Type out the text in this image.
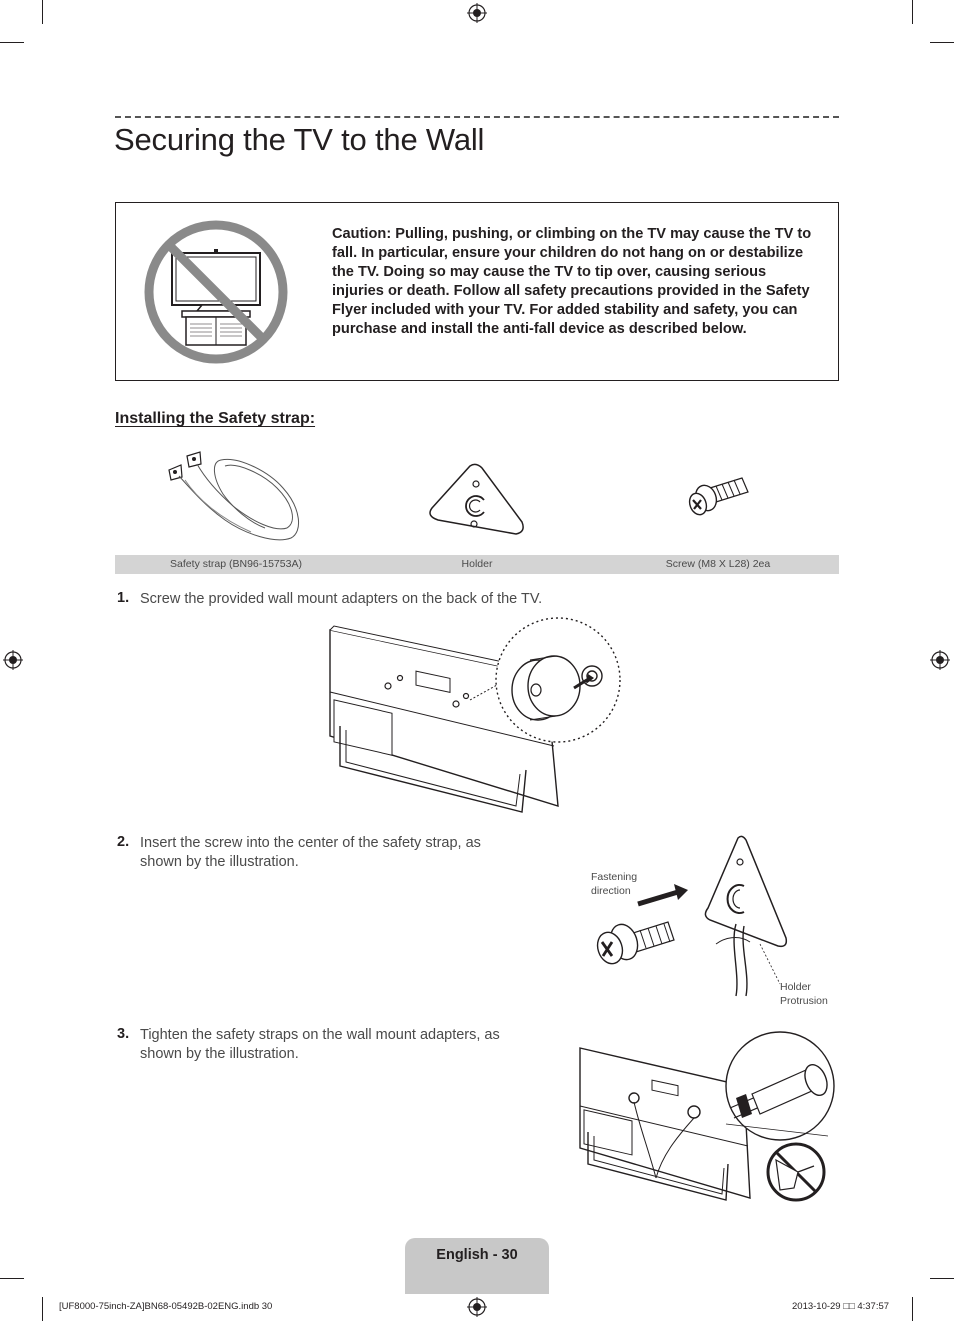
Securing the TV to the Wall

Caution: Pulling, pushing, or climbing on the TV may cause the TV to fall. In particular, ensure your children do not hang on or destabilize the TV. Doing so may cause the TV to tip over, causing serious injuries or death. Follow all safety precautions provided in the Safety Flyer included with your TV. For added stability and safety, you can purchase and install the anti-fall device as described below.

Installing the Safety strap:
Safety strap (BN96-15753A)	Holder	Screw (M8 X L28) 2ea
1. Screw the provided wall mount adapters on the back of the TV.
2. Insert the screw into the center of the safety strap, as shown by the illustration.
Fastening direction
Holder Protrusion
3. Tighten the safety straps on the wall mount adapters, as shown by the illustration.
English - 30
[UF8000-75inch-ZA]BN68-05492B-02ENG.indb 30	2013-10-29 □□ 4:37:57
